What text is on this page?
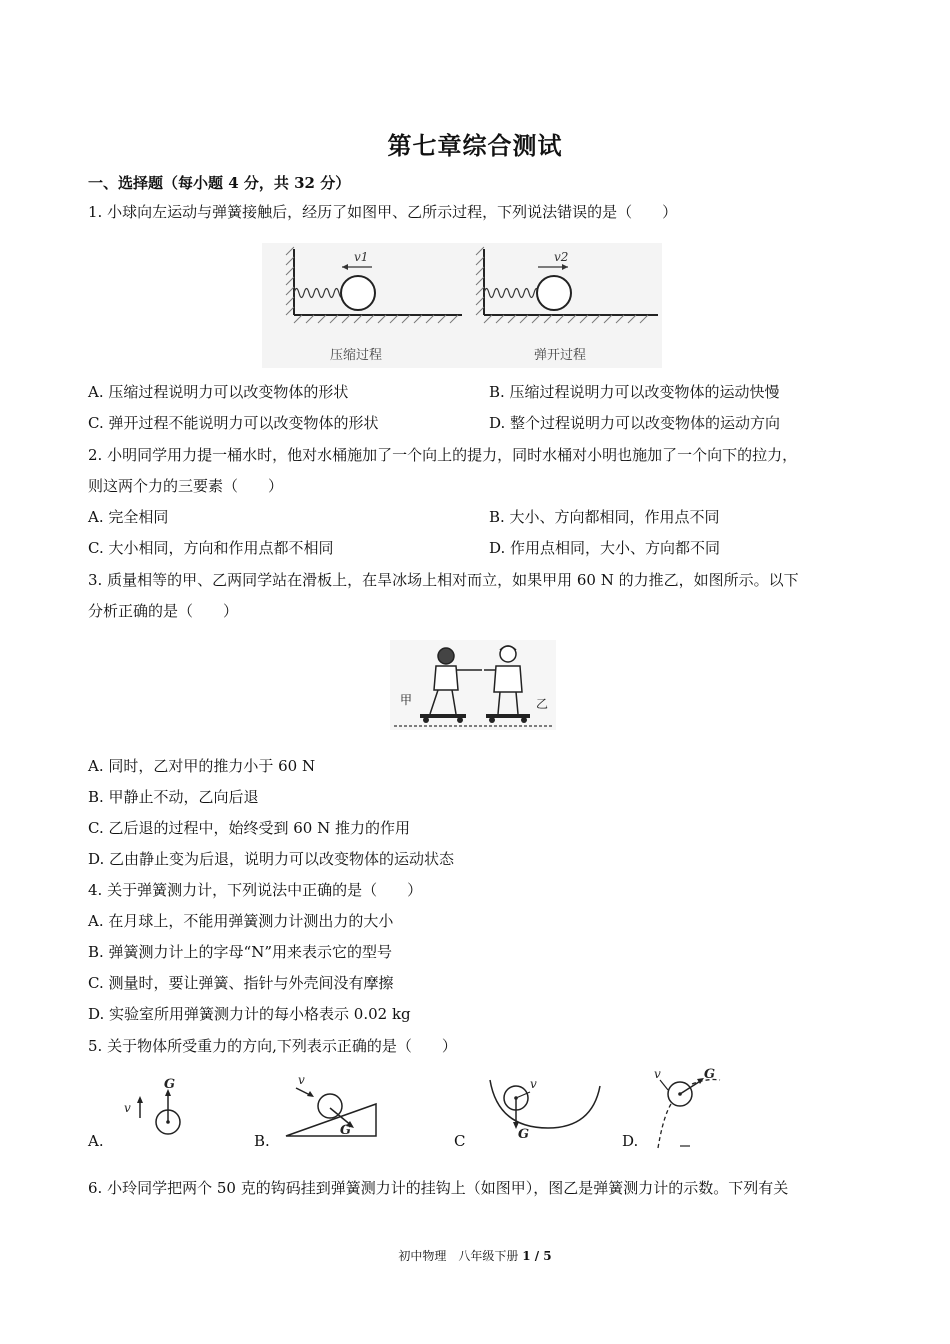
第七章综合测试
一、选择题（每小题 4 分，共 32 分）
1. 小球向左运动与弹簧接触后，经历了如图甲、乙所示过程，下列说法错误的是（　　）
v1
压缩过程
v2
弹开过程
A. 压缩过程说明力可以改变物体的形状	B. 压缩过程说明力可以改变物体的运动快慢
C. 弹开过程不能说明力可以改变物体的形状	D. 整个过程说明力可以改变物体的运动方向
2. 小明同学用力提一桶水时，他对水桶施加了一个向上的提力，同时水桶对小明也施加了一个向下的拉力，
则这两个力的三要素（　　）
A. 完全相同	B. 大小、方向都相同，作用点不同
C. 大小相同，方向和作用点都不相同	D. 作用点相同，大小、方向都不同
3. 质量相等的甲、乙两同学站在滑板上，在旱冰场上相对而立，如果甲用 60 N 的力推乙，如图所示。以下
分析正确的是（　　）
甲	乙
A. 同时，乙对甲的推力小于 60 N
B. 甲静止不动，乙向后退
C. 乙后退的过程中，始终受到 60 N 推力的作用
D. 乙由静止变为后退，说明力可以改变物体的运动状态
4. 关于弹簧测力计，下列说法中正确的是（　　）
A. 在月球上，不能用弹簧测力计测出力的大小
B. 弹簧测力计上的字母“N”用来表示它的型号
C. 测量时，要让弹簧、指针与外壳间没有摩擦
D. 实验室所用弹簧测力计的每小格表示 0.02 kg
5. 关于物体所受重力的方向,下列表示正确的是（　　）
A.
v
G
B.
G
v
C	G
v
D.
G
v
6. 小玲同学把两个 50 克的钩码挂到弹簧测力计的挂钩上（如图甲），图乙是弹簧测力计的示数。下列有关
初中物理　八年级下册 1 / 5
